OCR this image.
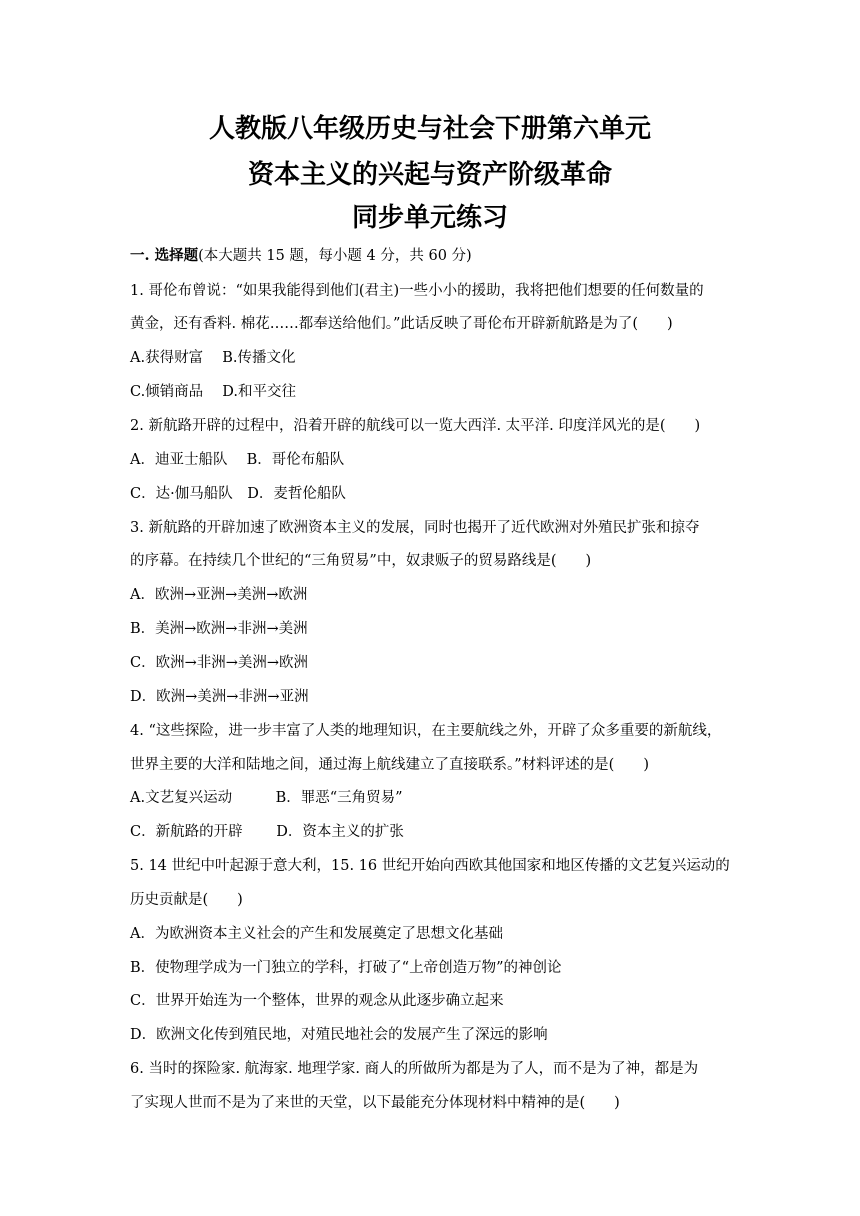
人教版八年级历史与社会下册第六单元
资本主义的兴起与资产阶级革命
同步单元练习
一. 选择题(本大题共 15 题，每小题 4 分，共 60 分)
1. 哥伦布曾说：“如果我能得到他们(君主)一些小小的援助，我将把他们想要的任何数量的
黄金，还有香料. 棉花……都奉送给他们。”此话反映了哥伦布开辟新航路是为了(　　)
A.获得财富　 B.传播文化
C.倾销商品　 D.和平交往
2. 新航路开辟的过程中，沿着开辟的航线可以一览大西洋. 太平洋. 印度洋风光的是(　　)
A．迪亚士船队　 B．哥伦布船队
C．达·伽马船队　D．麦哲伦船队
3. 新航路的开辟加速了欧洲资本主义的发展，同时也揭开了近代欧洲对外殖民扩张和掠夺
的序幕。在持续几个世纪的“三角贸易”中，奴隶贩子的贸易路线是(　　)
A．欧洲→亚洲→美洲→欧洲
B．美洲→欧洲→非洲→美洲
C．欧洲→非洲→美洲→欧洲
D．欧洲→美洲→非洲→亚洲
4. “这些探险，进一步丰富了人类的地理知识，在主要航线之外，开辟了众多重要的新航线，
世界主要的大洋和陆地之间，通过海上航线建立了直接联系。”材料评述的是(　　)
A.文艺复兴运动　　　B．罪恶“三角贸易”
C．新航路的开辟　　 D．资本主义的扩张
5. 14 世纪中叶起源于意大利，15. 16 世纪开始向西欧其他国家和地区传播的文艺复兴运动的
历史贡献是(　　)
A．为欧洲资本主义社会的产生和发展奠定了思想文化基础
B．使物理学成为一门独立的学科，打破了“上帝创造万物”的神创论
C．世界开始连为一个整体，世界的观念从此逐步确立起来
D．欧洲文化传到殖民地，对殖民地社会的发展产生了深远的影响
6. 当时的探险家. 航海家. 地理学家. 商人的所做所为都是为了人，而不是为了神，都是为
了实现人世而不是为了来世的天堂，以下最能充分体现材料中精神的是(　　)
